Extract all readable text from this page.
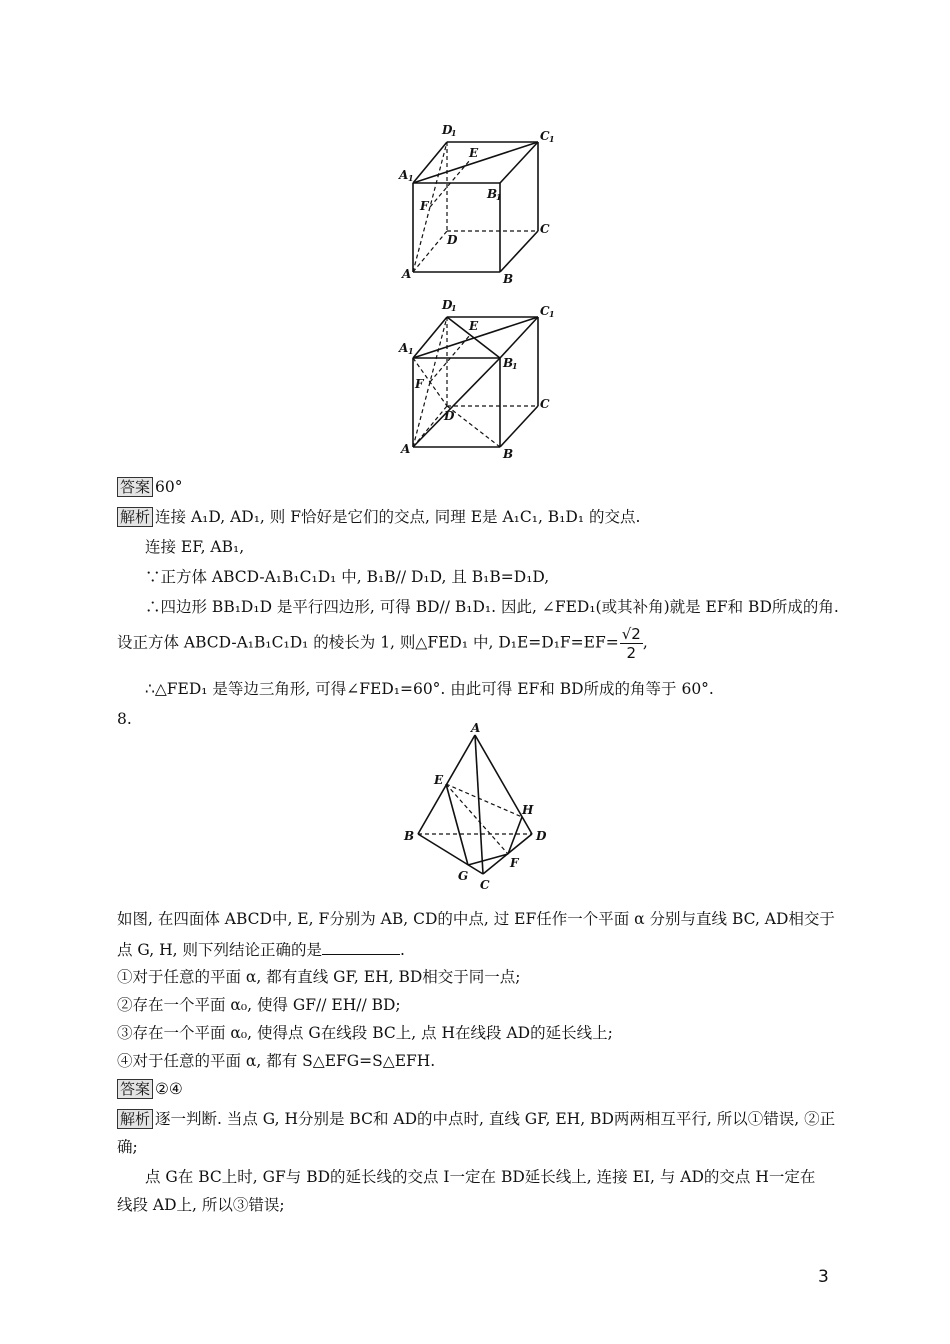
D
1	C 1
E
A 1
B
1
F
D
C
A	B
D
1	C 1
E
A 1
B
1
F
D
C
A	B
答案 60°
解析 连接 A₁D, AD₁, 则 F恰好是它们的交点, 同理 E是 A₁C₁, B₁D₁ 的交点.
连接 EF, AB₁,
∵正方体 ABCD-A₁B₁C₁D₁ 中, B₁B// D₁D, 且 B₁B=D₁D,
∴四边形 BB₁D₁D 是平行四边形, 可得 BD// B₁D₁. 因此, ∠FED₁(或其补角)就是 EF和 BD所成的角.
设正方体 ABCD-A₁B₁C₁D₁ 的棱长为 1, 则△FED₁ 中, $D_1E=D_1F=EF= \frac{√2}{2}$ ,
∴△FED₁ 是等边三角形, 可得∠FED₁=60°. 由此可得 EF和 BD所成的角等于 60°.
8.	A
E
H
B	D
F
G
C
如图, 在四面体 ABCD中, E, F分别为 AB, CD的中点, 过 EF任作一个平面 α 分别与直线 BC, AD相交于
点 G, H, 则下列结论正确的是	.
①对于任意的平面 α, 都有直线 GF, EH, BD相交于同一点;
②存在一个平面 α₀, 使得 GF// EH// BD;
③存在一个平面 α₀, 使得点 G在线段 BC上, 点 H在线段 AD的延长线上;
④对于任意的平面 α, 都有 S△EFG=S△EFH.
答案 ②④
解析 逐一判断. 当点 G, H分别是 BC和 AD的中点时, 直线 GF, EH, BD两两相互平行, 所以①错误, ②正
确;
点 G在 BC上时, GF与 BD的延长线的交点 I一定在 BD延长线上, 连接 EI, 与 AD的交点 H一定在
线段 AD上, 所以③错误;
3
